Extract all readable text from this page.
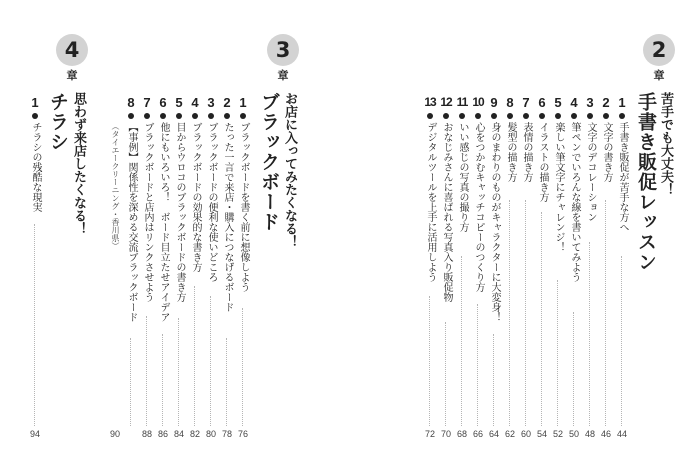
4
章
思わず来店したくなる！
チラシ
1
チラシの残酷な現実
94
3
章
お店に入ってみたくなる！
ブラックボード
1
ブラックボードを書く前に想像しよう
76
2
たった一言で来店・購入につなげるボード
78
3
ブラックボードの便利な使いどころ
80
4
ブラックボードの効果的な書き方
82
5
目からウロコのブラックボードの書き方
84
6
他にもいろいろ！　ボード目立たせアイデア
86
7
ブラックボードと店内はリンクさせよう
88
8
【事例】関係性を深める交流ブラックボード
（タイエークリーニング・香川県）
90
2
章
苦手でも大丈夫！
手書き販促レッスン
1
手書き販促が苦手な方へ
44
2
文字の書き方
46
3
文字のデコレーション
48
4
筆ペンでいろんな線を書いてみよう
50
5
楽しい筆文字にチャレンジ！
52
6
イラストの描き方
54
7
表情の描き方
60
8
髪型の描き方
62
9
身のまわりのものがキャラクターに大変身！
64
10
心をつかむキャッチコピーのつくり方
66
11
いい感じの写真の撮り方
68
12
おなじみさんに喜ばれる写真入り販促物
70
13
デジタルツールを上手に活用しよう
72
